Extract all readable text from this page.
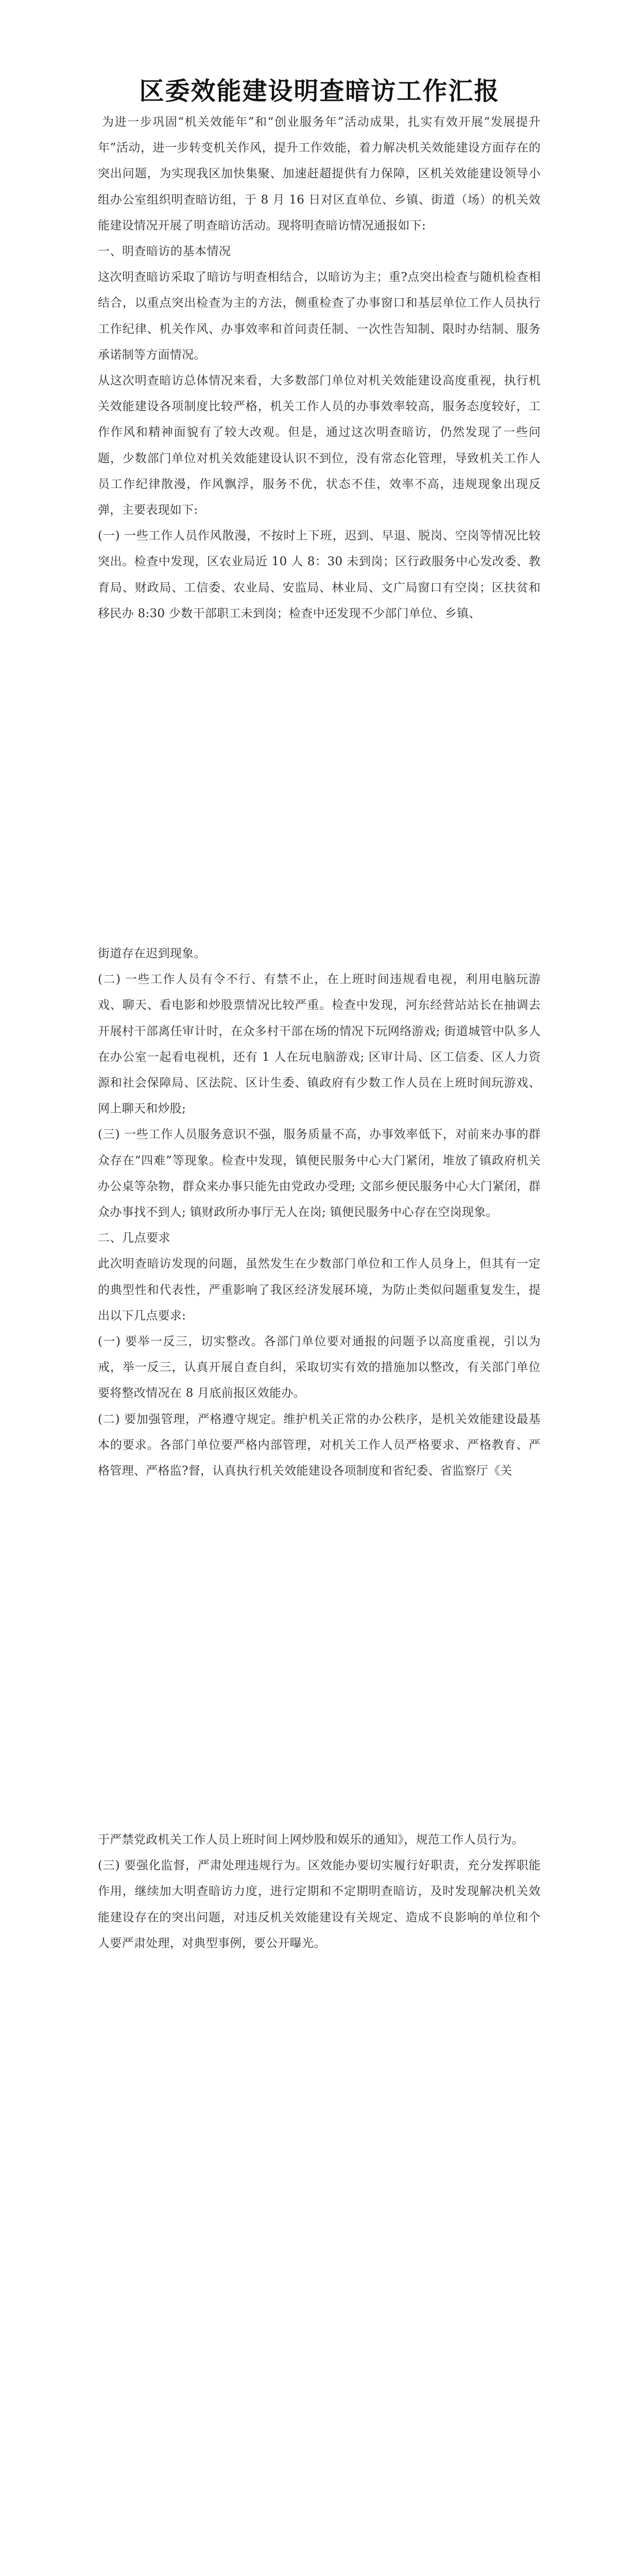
区委效能建设明查暗访工作汇报

为进一步巩固“机关效能年”和“创业服务年”活动成果，扎实有效开展“发展提升年”活动，进一步转变机关作风，提升工作效能，着力解决机关效能建设方面存在的突出问题，为实现我区加快集聚、加速赶超提供有力保障，区机关效能建设领导小组办公室组织明查暗访组，于 8 月 16 日对区直单位、乡镇、街道（场）的机关效能建设情况开展了明查暗访活动。现将明查暗访情况通报如下:

一、明查暗访的基本情况

这次明查暗访采取了暗访与明查相结合，以暗访为主；重?点突出检查与随机检查相结合，以重点突出检查为主的方法，侧重检查了办事窗口和基层单位工作人员执行工作纪律、机关作风、办事效率和首问责任制、一次性告知制、限时办结制、服务承诺制等方面情况。

从这次明查暗访总体情况来看，大多数部门单位对机关效能建设高度重视，执行机关效能建设各项制度比较严格，机关工作人员的办事效率较高，服务态度较好，工作作风和精神面貌有了较大改观。但是，通过这次明查暗访，仍然发现了一些问题，少数部门单位对机关效能建设认识不到位，没有常态化管理，导致机关工作人员工作纪律散漫，作风飘浮，服务不优，状态不佳，效率不高，违规现象出现反弹，主要表现如下:

(一) 一些工作人员作风散漫，不按时上下班，迟到、早退、脱岗、空岗等情况比较突出。检查中发现，区农业局近 10 人 8：30 未到岗；区行政服务中心发改委、教育局、财政局、工信委、农业局、安监局、林业局、文广局窗口有空岗；区扶贫和移民办 8:30 少数干部职工未到岗；检查中还发现不少部门单位、乡镇、

街道存在迟到现象。

(二) 一些工作人员有令不行、有禁不止，在上班时间违规看电视，利用电脑玩游戏、聊天、看电影和炒股票情况比较严重。检查中发现，河东经营站站长在抽调去开展村干部离任审计时，在众多村干部在场的情况下玩网络游戏; 街道城管中队多人在办公室一起看电视机，还有 1 人在玩电脑游戏; 区审计局、区工信委、区人力资源和社会保障局、区法院、区计生委、镇政府有少数工作人员在上班时间玩游戏、网上聊天和炒股;

(三) 一些工作人员服务意识不强，服务质量不高，办事效率低下，对前来办事的群众存在“四难”等现象。检查中发现，镇便民服务中心大门紧闭，堆放了镇政府机关办公桌等杂物，群众来办事只能先由党政办受理; 文部乡便民服务中心大门紧闭，群众办事找不到人; 镇财政所办事厅无人在岗; 镇便民服务中心存在空岗现象。

二、几点要求

此次明查暗访发现的问题，虽然发生在少数部门单位和工作人员身上，但其有一定的典型性和代表性，严重影响了我区经济发展环境，为防止类似问题重复发生，提出以下几点要求:

(一) 要举一反三，切实整改。各部门单位要对通报的问题予以高度重视，引以为戒，举一反三，认真开展自查自纠，采取切实有效的措施加以整改，有关部门单位要将整改情况在 8 月底前报区效能办。

(二) 要加强管理，严格遵守规定。维护机关正常的办公秩序，是机关效能建设最基本的要求。各部门单位要严格内部管理，对机关工作人员严格要求、严格教育、严格管理、严格监?督，认真执行机关效能建设各项制度和省纪委、省监察厅《关

于严禁党政机关工作人员上班时间上网炒股和娱乐的通知》，规范工作人员行为。

(三) 要强化监督，严肃处理违规行为。区效能办要切实履行好职责，充分发挥职能作用，继续加大明查暗访力度，进行定期和不定期明查暗访，及时发现解决机关效能建设存在的突出问题，对违反机关效能建设有关规定、造成不良影响的单位和个人要严肃处理，对典型事例，要公开曝光。
